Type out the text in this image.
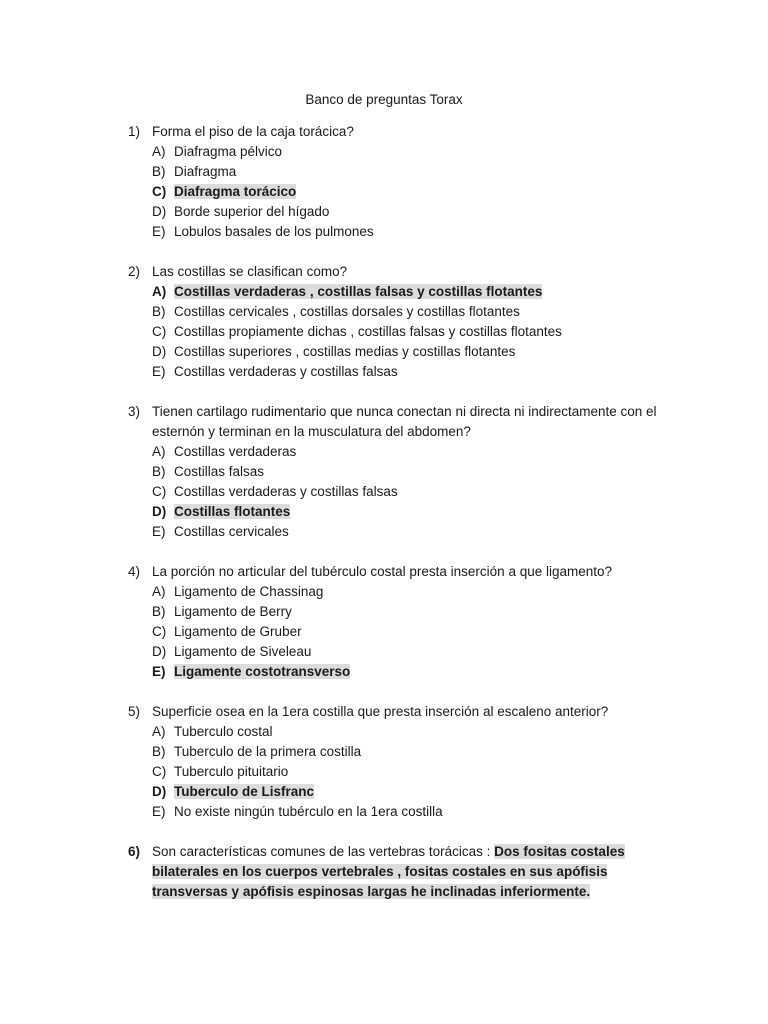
Banco de preguntas Torax
1) Forma el piso de la caja torácica?
A) Diafragma pélvico
B) Diafragma
C) Diafragma torácico
D) Borde superior del hígado
E) Lobulos basales de los pulmones
2) Las costillas se clasifican como?
A) Costillas verdaderas , costillas falsas y costillas flotantes
B) Costillas cervicales , costillas dorsales y costillas flotantes
C) Costillas propiamente dichas , costillas falsas y costillas flotantes
D) Costillas superiores , costillas medias y costillas flotantes
E) Costillas verdaderas y costillas falsas
3) Tienen cartilago rudimentario que nunca conectan ni directa ni indirectamente con el esternón y terminan en la musculatura del abdomen?
A) Costillas verdaderas
B) Costillas falsas
C) Costillas verdaderas y costillas falsas
D) Costillas flotantes
E) Costillas cervicales
4) La porción no articular del tubérculo costal presta inserción a que ligamento?
A) Ligamento de Chassinag
B) Ligamento de Berry
C) Ligamento de Gruber
D) Ligamento de Siveleau
E) Ligamente costotransverso
5) Superficie osea en la 1era costilla que presta inserción al escaleno anterior?
A) Tuberculo costal
B) Tuberculo de la primera costilla
C) Tuberculo pituitario
D) Tuberculo de Lisfranc
E) No existe ningún tubérculo en la 1era costilla
6) Son características comunes de las vertebras torácicas : Dos fositas costales bilaterales en los cuerpos vertebrales , fositas costales en sus apófisis transversas y apófisis espinosas largas he inclinadas inferiormente.
